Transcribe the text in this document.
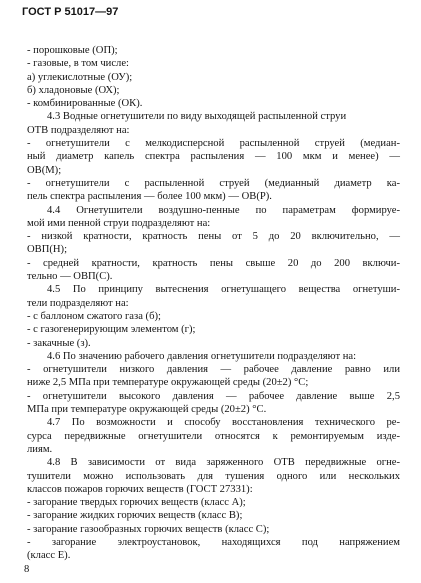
ГОСТ Р 51017—97
- порошковые (ОП);
- газовые, в том числе:
а) углекислотные (ОУ);
б) хладоновые (ОХ);
- комбинированные (ОК).
4.3 Водные огнетушители по виду выходящей распыленной струи
ОТВ подразделяют на:
- огнетушители с мелкодисперсной распыленной струей (медиан-
ный диаметр капель спектра распыления — 100 мкм и менее) —
ОВ(М);
- огнетушители с распыленной струей (медианный диаметр ка-
пель спектра распыления — более 100 мкм) — ОВ(Р).
4.4 Огнетушители воздушно-пенные по параметрам формируе-
мой ими пенной струи подразделяют на:
- низкой кратности, кратность пены от 5 до 20 включительно, —
ОВП(Н);
- средней кратности, кратность пены свыше 20 до 200 включи-
тельно — ОВП(С).
4.5 По принципу вытеснения огнетушащего вещества огнетуши-
тели подразделяют на:
- с баллоном сжатого газа (б);
- с газогенерирующим элементом (г);
- закачные (з).
4.6 По значению рабочего давления огнетушители подразделяют на:
- огнетушители низкого давления — рабочее давление равно или
ниже 2,5 МПа при температуре окружающей среды (20±2) °С;
- огнетушители высокого давления — рабочее давление выше 2,5
МПа при температуре окружающей среды (20±2) °С.
4.7 По возможности и способу восстановления технического ре-
сурса передвижные огнетушители относятся к ремонтируемым издe-
лиям.
4.8 В зависимости от вида заряженного ОТВ передвижные огне-
тушители можно использовать для тушения одного или нескольких
классов пожаров горючих веществ (ГОСТ 27331):
- загорание твердых горючих веществ (класс А);
- загорание жидких горючих веществ (класс В);
- загорание газообразных горючих веществ (класс С);
- загорание электроустановок, находящихся под напряжением
(класс Е).
8
